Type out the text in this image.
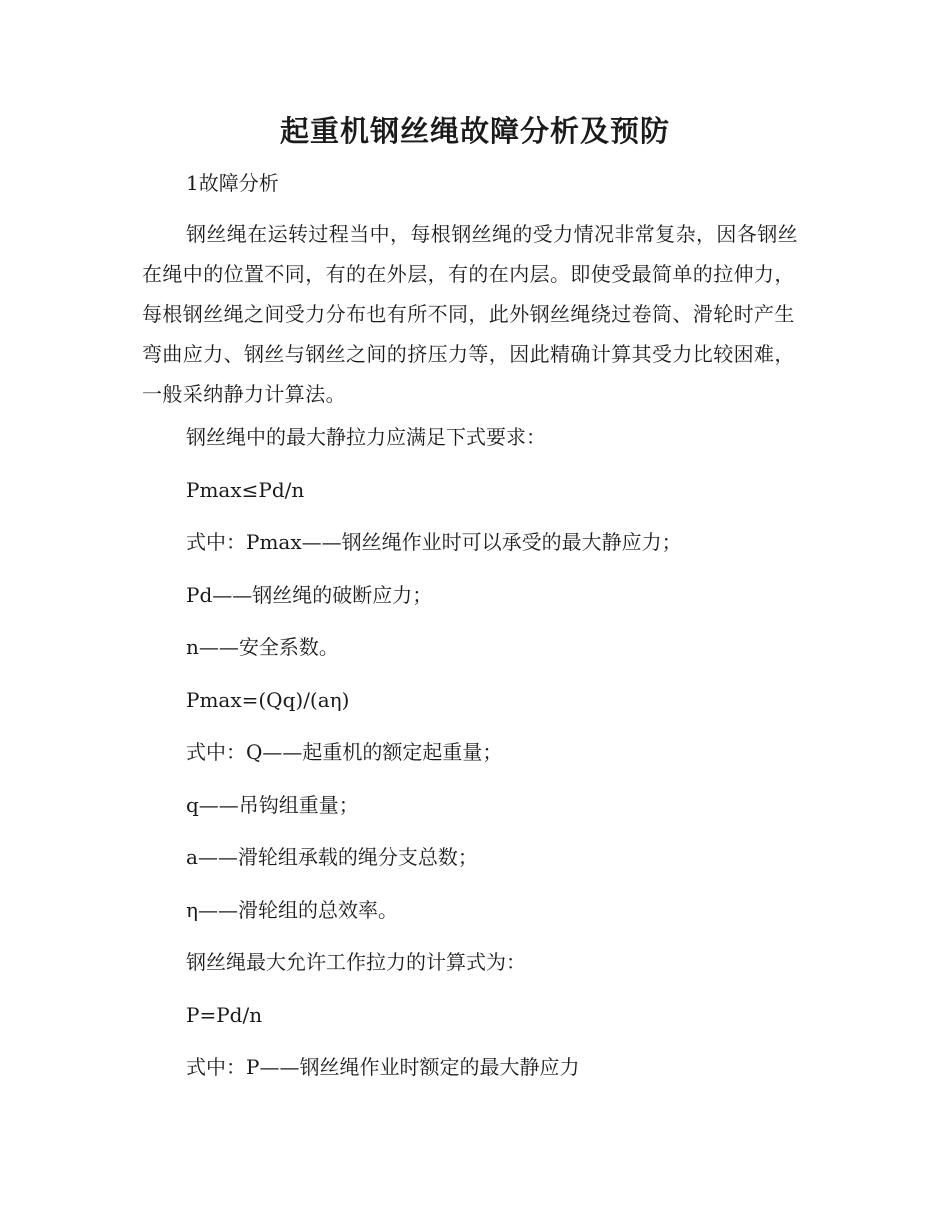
起重机钢丝绳故障分析及预防

1故障分析

钢丝绳在运转过程当中，每根钢丝绳的受力情况非常复杂，因各钢丝在绳中的位置不同，有的在外层，有的在内层。即使受最简单的拉伸力，每根钢丝绳之间受力分布也有所不同，此外钢丝绳绕过卷筒、滑轮时产生弯曲应力、钢丝与钢丝之间的挤压力等，因此精确计算其受力比较困难，一般采纳静力计算法。

钢丝绳中的最大静拉力应满足下式要求：

Pmax≤Pd/n

式中：Pmax——钢丝绳作业时可以承受的最大静应力；

Pd——钢丝绳的破断应力；

n——安全系数。

Pmax=(Qq)/(aη)

式中：Q——起重机的额定起重量；

q——吊钩组重量；

a——滑轮组承载的绳分支总数；

η——滑轮组的总效率。

钢丝绳最大允许工作拉力的计算式为：

P=Pd/n

式中：P——钢丝绳作业时额定的最大静应力
